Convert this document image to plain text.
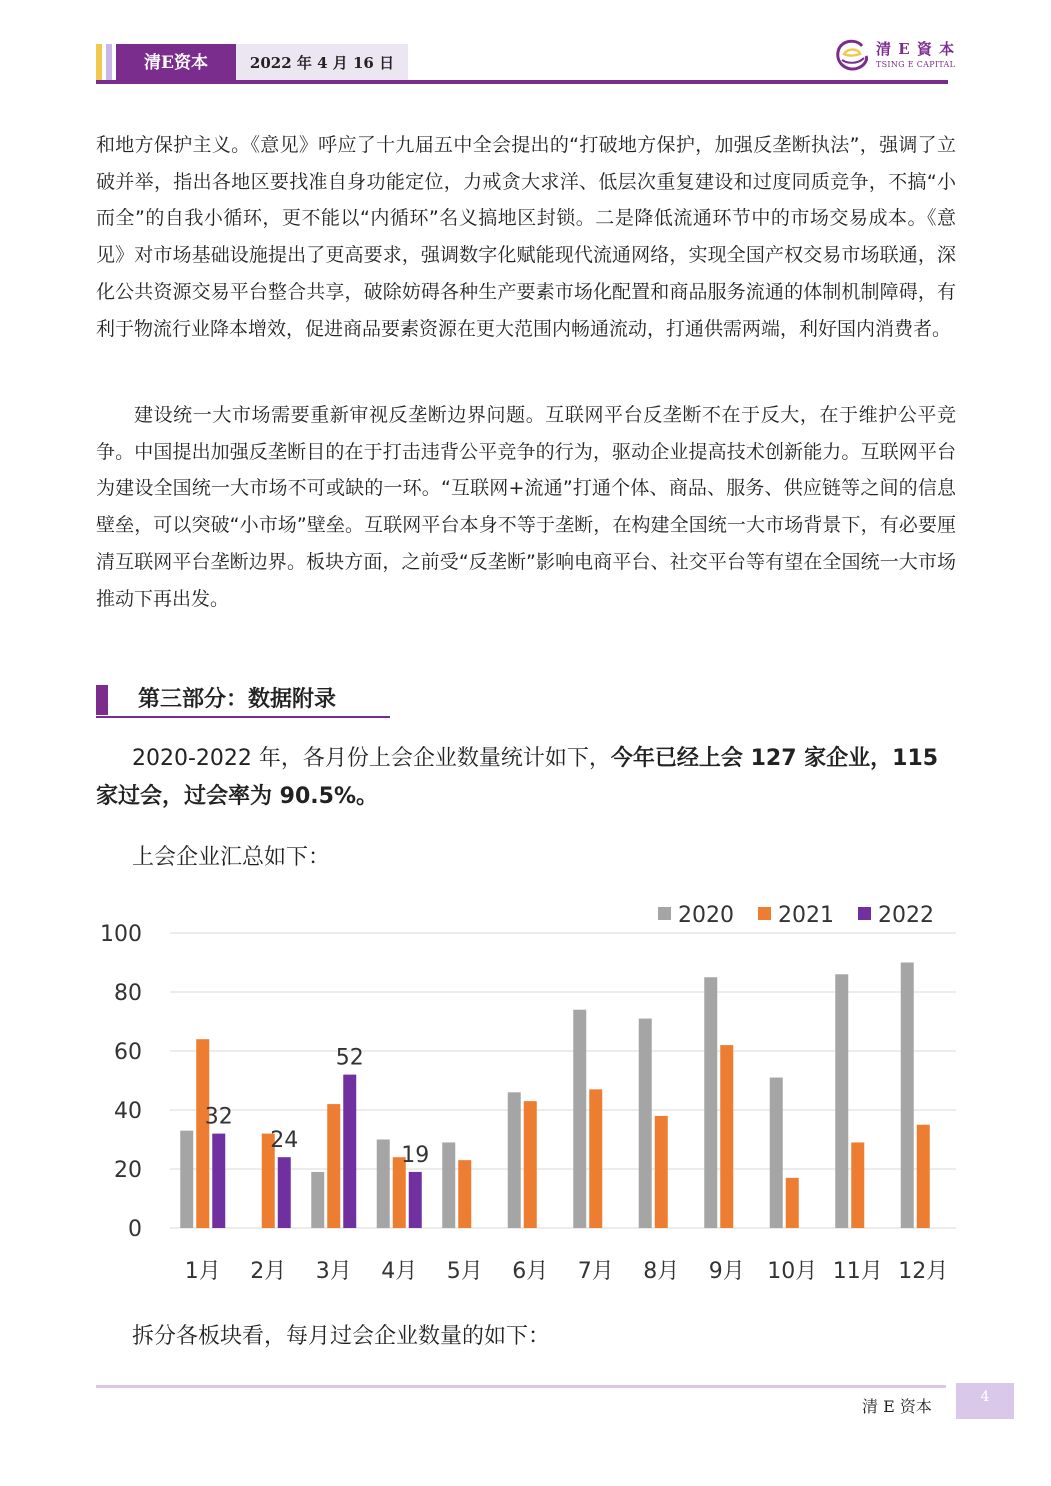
清E资本	2022 年 4 月 16 日
清 E 資 本
TSING E CAPITAL

和地方保护主义。《意见》呼应了十九届五中全会提出的“打破地方保护，加强反垄断执法”，强调了立破并举，指出各地区要找准自身功能定位，力戒贪大求洋、低层次重复建设和过度同质竞争，不搞“小而全”的自我小循环，更不能以“内循环”名义搞地区封锁。二是降低流通环节中的市场交易成本。《意见》对市场基础设施提出了更高要求，强调数字化赋能现代流通网络，实现全国产权交易市场联通，深化公共资源交易平台整合共享，破除妨碍各种生产要素市场化配置和商品服务流通的体制机制障碍，有利于物流行业降本增效，促进商品要素资源在更大范围内畅通流动，打通供需两端，利好国内消费者。

建设统一大市场需要重新审视反垄断边界问题。互联网平台反垄断不在于反大，在于维护公平竞争。中国提出加强反垄断目的在于打击违背公平竞争的行为，驱动企业提高技术创新能力。互联网平台为建设全国统一大市场不可或缺的一环。“互联网+流通”打通个体、商品、服务、供应链等之间的信息壁垒，可以突破“小市场”壁垒。互联网平台本身不等于垄断，在构建全国统一大市场背景下，有必要厘清互联网平台垄断边界。板块方面，之前受“反垄断”影响电商平台、社交平台等有望在全国统一大市场推动下再出发。

第三部分：数据附录

2020-2022 年，各月份上会企业数量统计如下，今年已经上会 127 家企业，115 家过会，过会率为 90.5%。

上会企业汇总如下：

0
20
40
60
80
100
1月
32
2月
24
3月
52
4月
19
5月 6月 7月 8月 9月 10月 11月 12月
2020 2021 2022

拆分各板块看，每月过会企业数量的如下：

清 E 资本	4
